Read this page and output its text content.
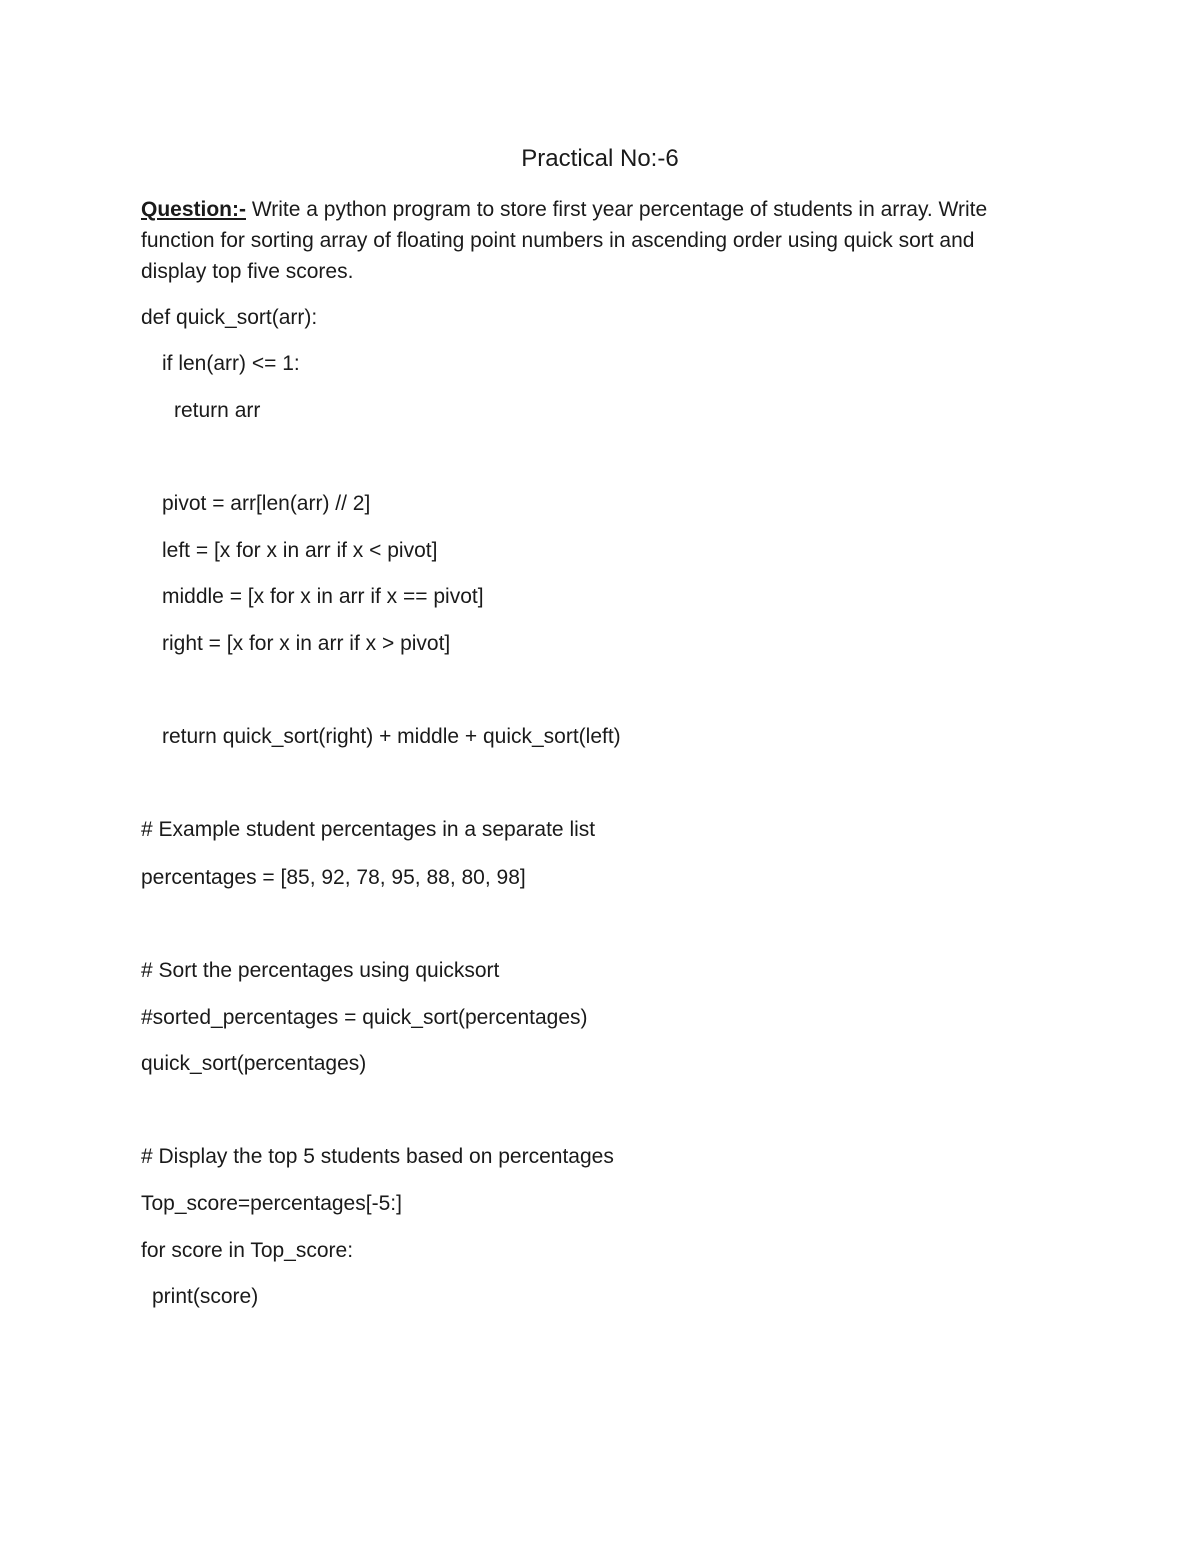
Practical No:-6
Question:- Write a python program to store first year percentage of students in array. Write function for sorting array of floating point numbers in ascending order using quick sort and display top five scores.
def quick_sort(arr):
if len(arr) <= 1:
return arr
pivot = arr[len(arr) // 2]
left = [x for x in arr if x < pivot]
middle = [x for x in arr if x == pivot]
right = [x for x in arr if x > pivot]
return quick_sort(right) + middle + quick_sort(left)
# Example student percentages in a separate list
percentages = [85, 92, 78, 95, 88, 80, 98]
# Sort the percentages using quicksort
#sorted_percentages = quick_sort(percentages)
quick_sort(percentages)
# Display the top 5 students based on percentages
Top_score=percentages[-5:]
for score in Top_score:
print(score)
